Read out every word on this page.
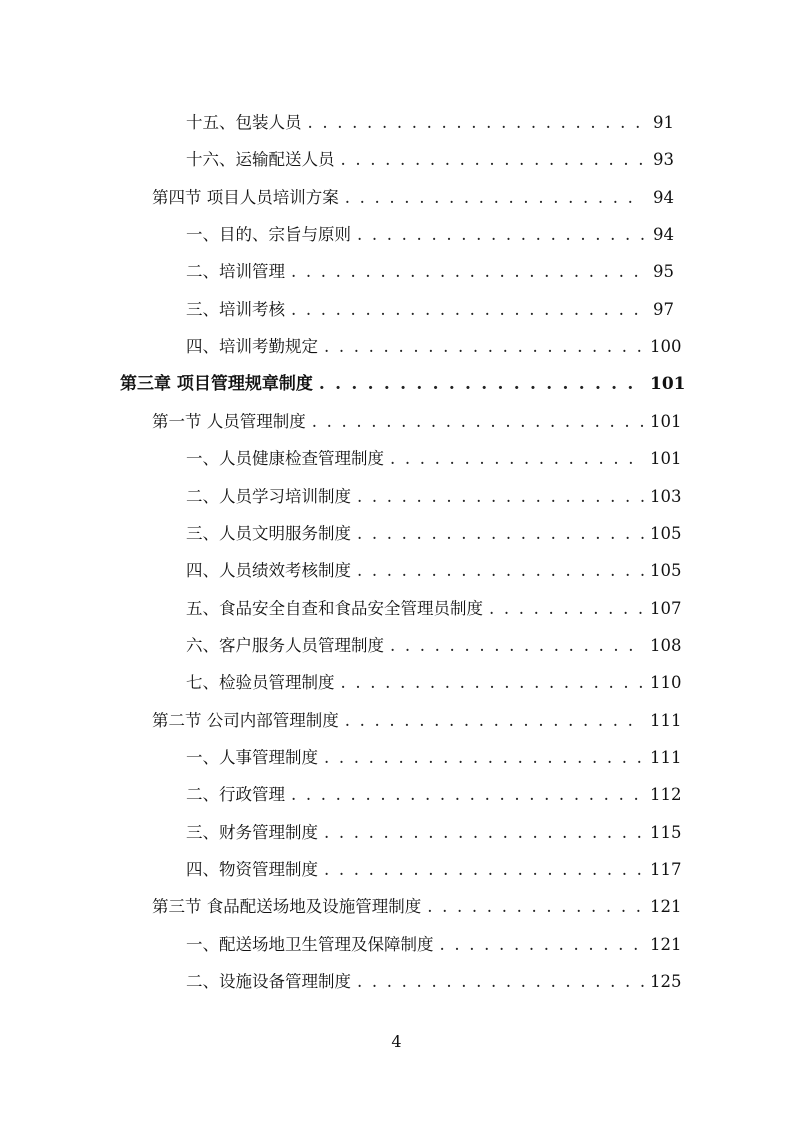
十五、包装人员 . . .	91
十六、运输配送人员 . . .	93
第四节 项目人员培训方案 . . .	94
一、目的、宗旨与原则 . . .	94
二、培训管理 . . .	95
三、培训考核 . . .	97
四、培训考勤规定 . . .	100
第三章 项目管理规章制度 . . .	101
第一节 人员管理制度 . . .	101
一、人员健康检查管理制度 . . .	101
二、人员学习培训制度 . . .	103
三、人员文明服务制度 . . .	105
四、人员绩效考核制度 . . .	105
五、食品安全自查和食品安全管理员制度 . . .	107
六、客户服务人员管理制度 . . .	108
七、检验员管理制度 . . .	110
第二节 公司内部管理制度 . . .	111
一、人事管理制度 . . .	111
二、行政管理 . . .	112
三、财务管理制度 . . .	115
四、物资管理制度 . . .	117
第三节 食品配送场地及设施管理制度 . . .	121
一、配送场地卫生管理及保障制度 . . .	121
二、设施设备管理制度 . . .	125
4
